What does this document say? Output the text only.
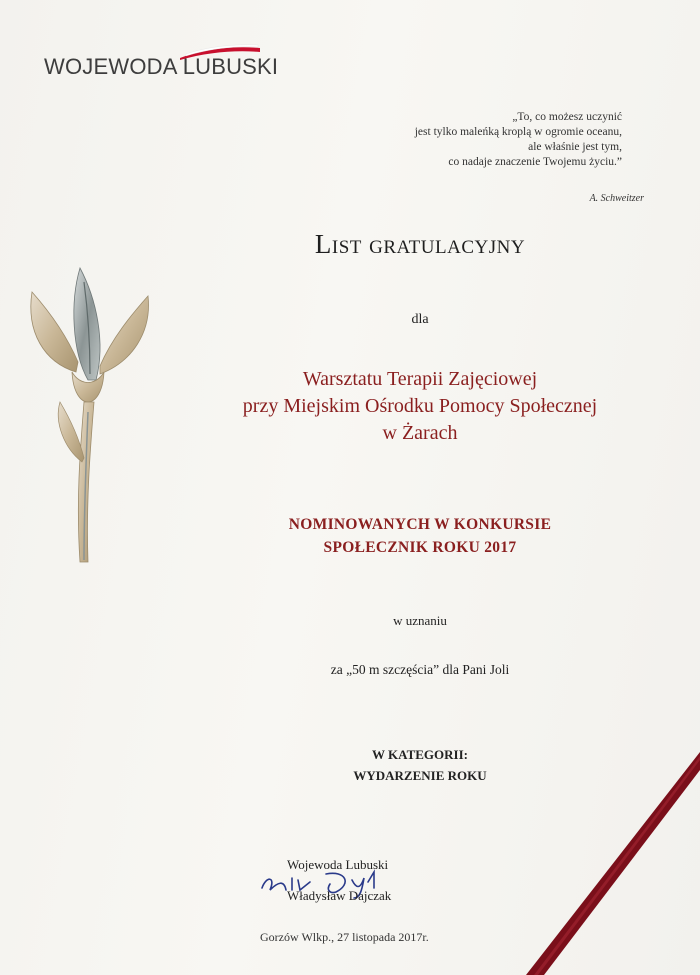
WOJEWODA LUBUSKI
„To, co możesz uczynić
jest tylko maleńką kroplą w ogromie oceanu,
ale właśnie jest tym,
co nadaje znaczenie Twojemu życiu.”
A. Schweitzer
List gratulacyjny
dla
Warsztatu Terapii Zajęciowej
przy Miejskim Ośrodku Pomocy Społecznej
w Żarach
NOMINOWANYCH W KONKURSIE
SPOŁECZNIK ROKU 2017
w uznaniu
za „50 m szczęścia” dla Pani Joli
W KATEGORII:
WYDARZENIE ROKU
Wojewoda Lubuski
Władysław Dajczak
Gorzów Wlkp., 27 listopada 2017r.
